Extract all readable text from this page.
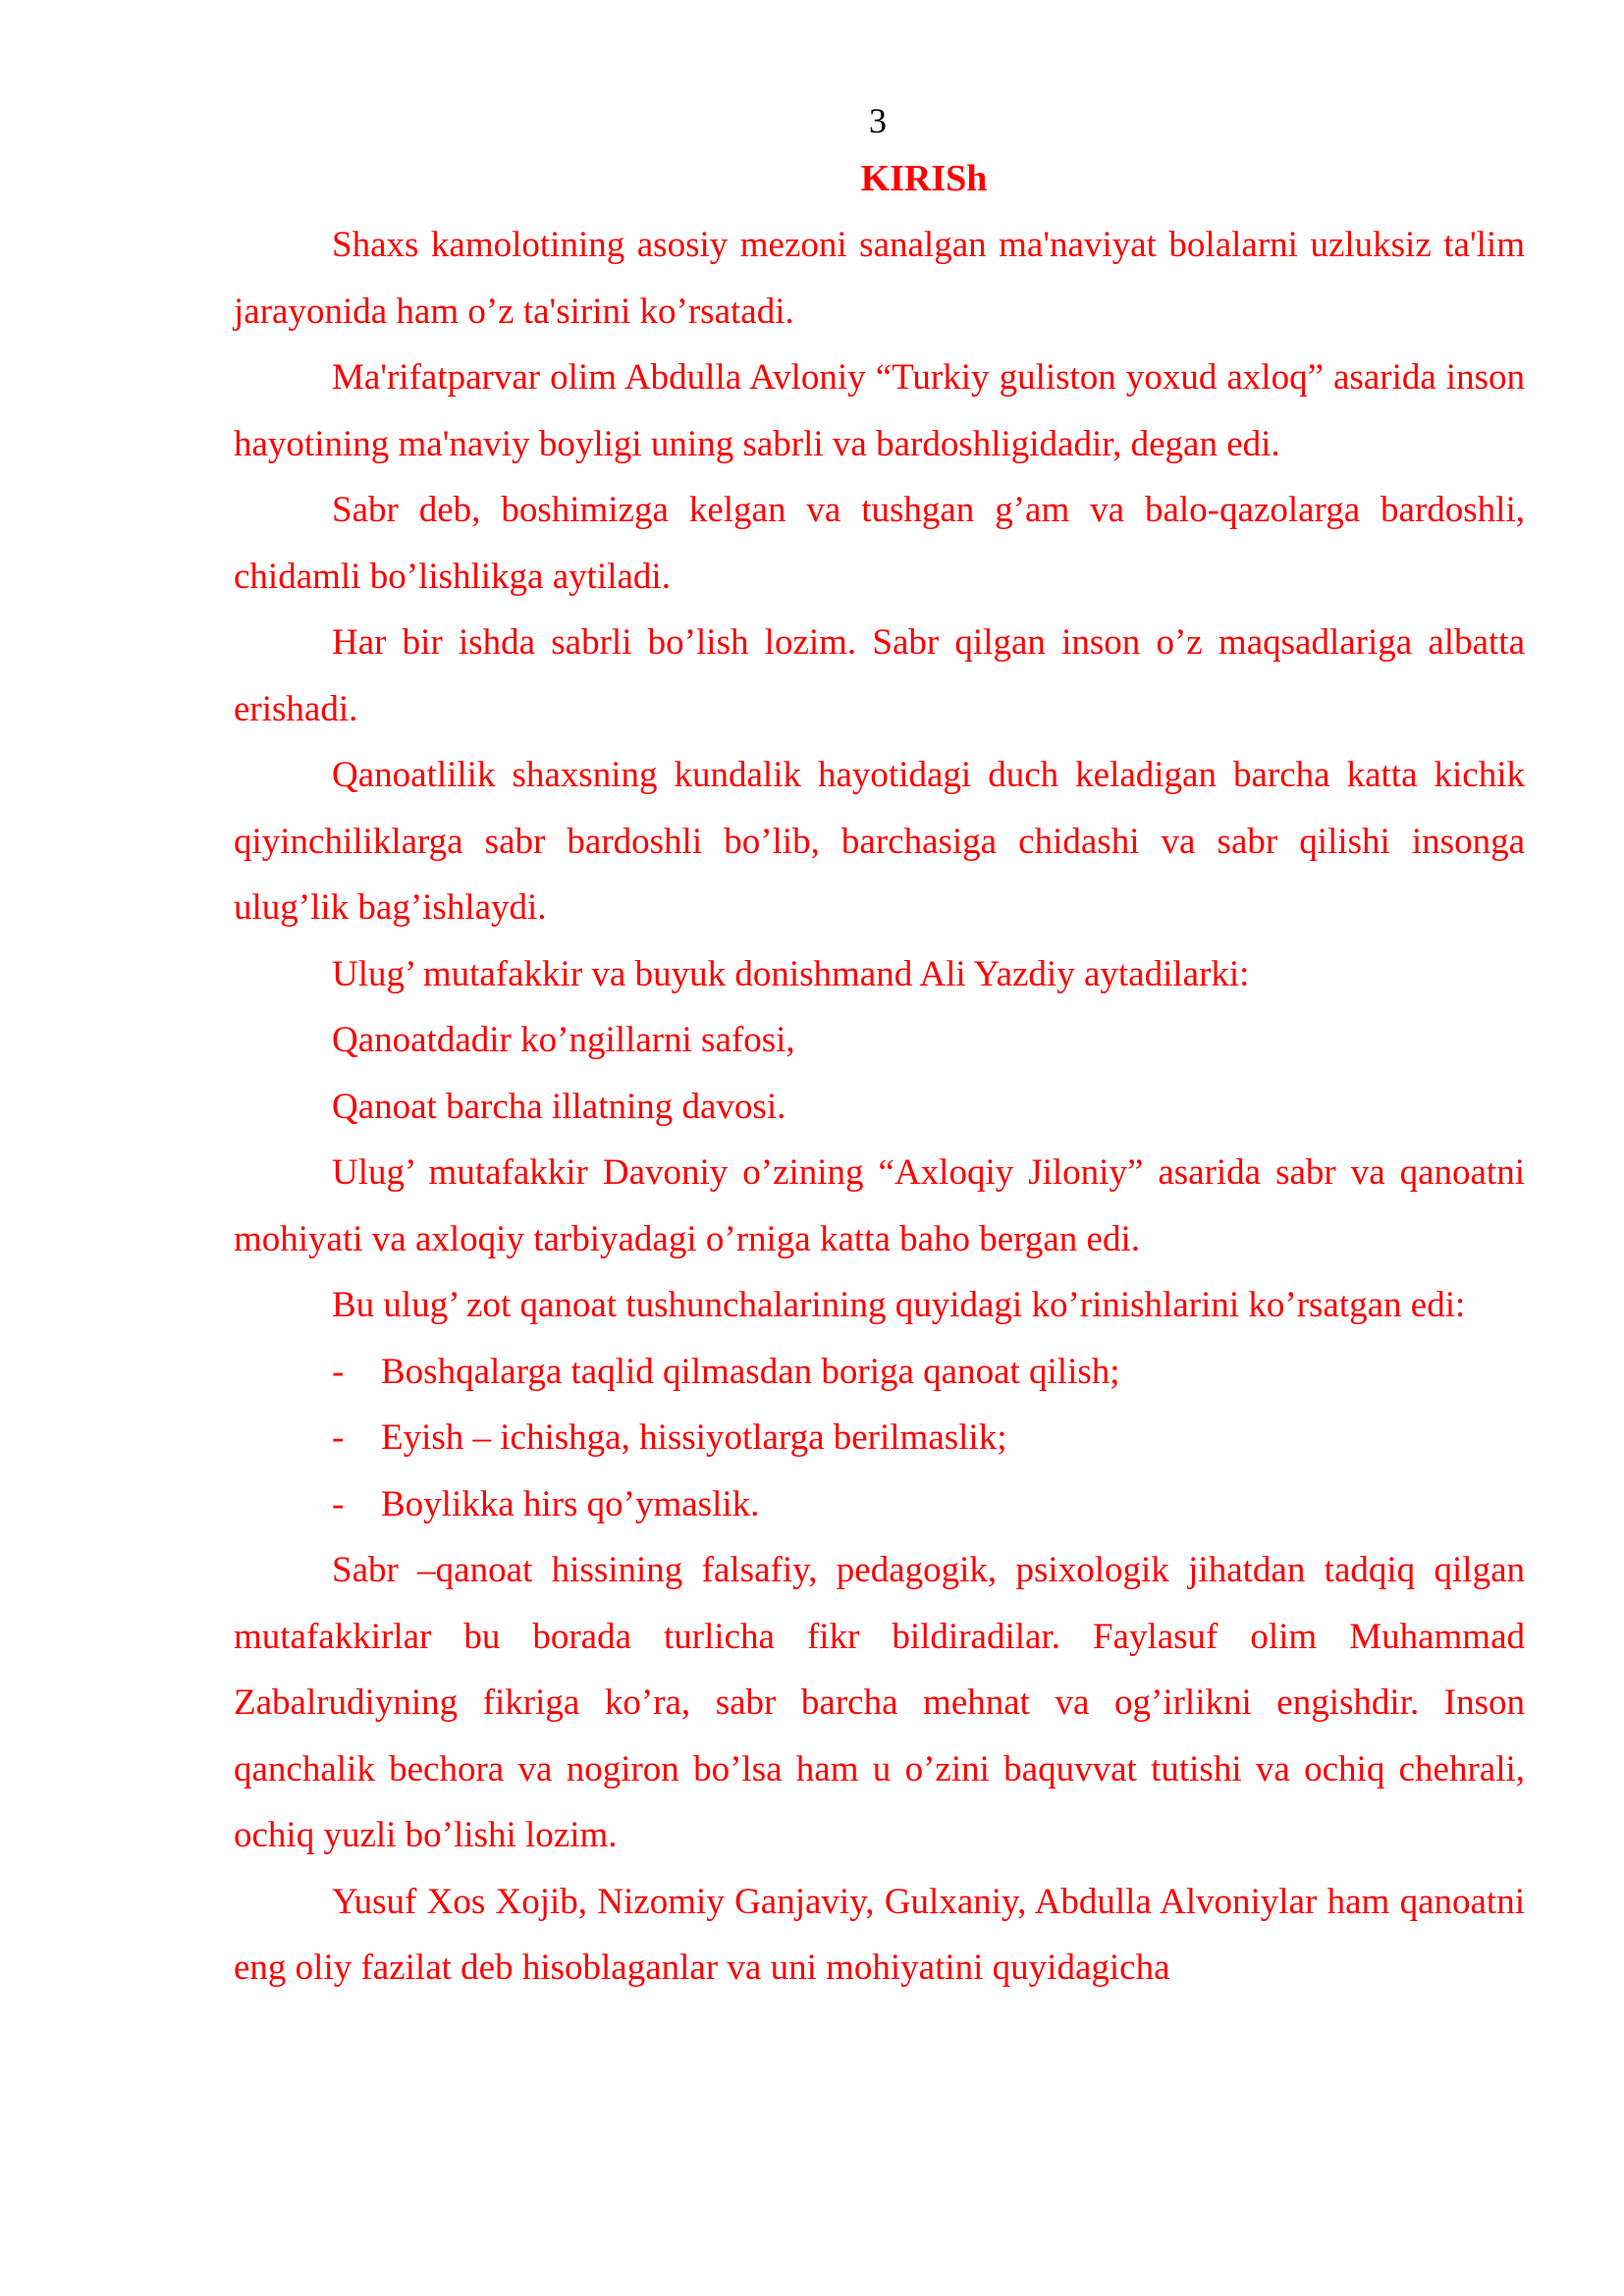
3
KIRISh

Shaxs kamolotining asosiy mezoni sanalgan ma'naviyat bolalarni uzluksiz ta'lim jarayonida ham o’z ta'sirini ko’rsatadi.

Ma'rifatparvar olim Abdulla Avloniy “Turkiy guliston yoxud axloq” asarida inson hayotining ma'naviy boyligi uning sabrli va bardoshligidadir, degan edi.

Sabr deb, boshimizga kelgan va tushgan g’am va balo-qazolarga bardoshli, chidamli bo’lishlikga aytiladi.

Har bir ishda sabrli bo’lish lozim. Sabr qilgan inson o’z maqsadlariga albatta erishadi.

Qanoatlilik shaxsning kundalik hayotidagi duch keladigan barcha katta kichik qiyinchiliklarga sabr bardoshli bo’lib, barchasiga chidashi va sabr qilishi insonga ulug’lik bag’ishlaydi.

Ulug’ mutafakkir va buyuk donishmand Ali Yazdiy aytadilarki:

Qanoatdadir ko’ngillarni safosi,

Qanoat barcha illatning davosi.

Ulug’ mutafakkir Davoniy o’zining “Axloqiy Jiloniy” asarida sabr va qanoatni mohiyati va axloqiy tarbiyadagi o’rniga katta baho bergan edi.

Bu ulug’ zot qanoat tushunchalarining quyidagi ko’rinishlarini ko’rsatgan edi:

- Boshqalarga taqlid qilmasdan boriga qanoat qilish;
- Eyish – ichishga, hissiyotlarga berilmaslik;
- Boylikka hirs qo’ymaslik.

Sabr –qanoat hissining falsafiy, pedagogik, psixologik jihatdan tadqiq qilgan mutafakkirlar bu borada turlicha fikr bildiradilar. Faylasuf olim Muhammad Zabalrudiyning fikriga ko’ra, sabr barcha mehnat va og’irlikni engishdir. Inson qanchalik bechora va nogiron bo’lsa ham u o’zini baquvvat tutishi va ochiq chehrali, ochiq yuzli bo’lishi lozim.

Yusuf Xos Xojib, Nizomiy Ganjaviy, Gulxaniy, Abdulla Alvoniylar ham qanoatni eng oliy fazilat deb hisoblaganlar va uni mohiyatini quyidagicha
